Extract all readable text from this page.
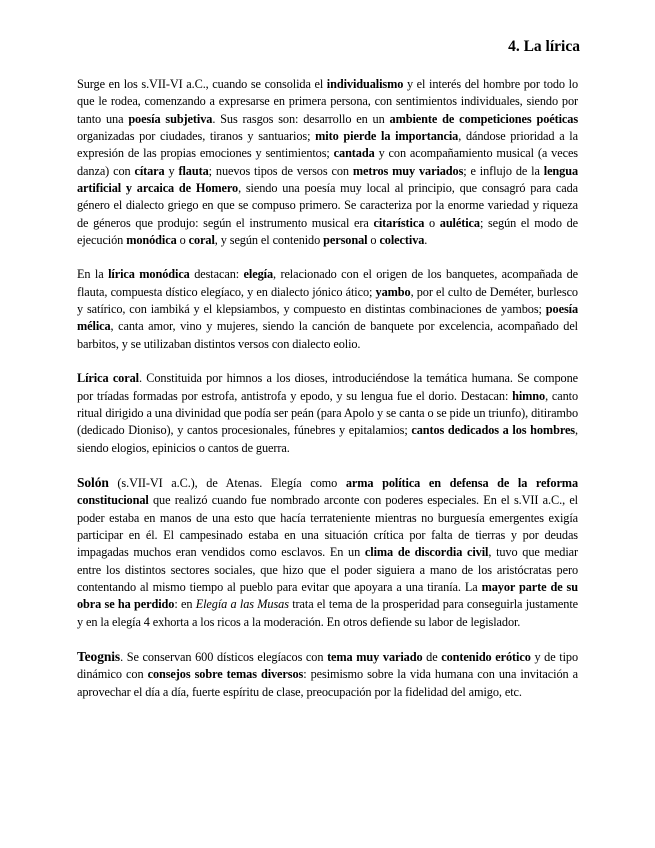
4. La lírica

Surge en los s.VII-VI a.C., cuando se consolida el individualismo y el interés del hombre por todo lo que le rodea, comenzando a expresarse en primera persona, con sentimientos individuales, siendo por tanto una poesía subjetiva. Sus rasgos son: desarrollo en un ambiente de competiciones poéticas organizadas por ciudades, tiranos y santuarios; mito pierde la importancia, dándose prioridad a la expresión de las propias emociones y sentimientos; cantada y con acompañamiento musical (a veces danza) con cítara y flauta; nuevos tipos de versos con metros muy variados; e influjo de la lengua artificial y arcaica de Homero, siendo una poesía muy local al principio, que consagró para cada género el dialecto griego en que se compuso primero. Se caracteriza por la enorme variedad y riqueza de géneros que produjo: según el instrumento musical era citarística o aulética; según el modo de ejecución monódica o coral, y según el contenido personal o colectiva.

En la lírica monódica destacan: elegía, relacionado con el origen de los banquetes, acompañada de flauta, compuesta dístico elegíaco, y en dialecto jónico ático; yambo, por el culto de Deméter, burlesco y satírico, con iambiká y el klepsiambos, y compuesto en distintas combinaciones de yambos; poesía mélica, canta amor, vino y mujeres, siendo la canción de banquete por excelencia, acompañado del barbitos, y se utilizaban distintos versos con dialecto eolio.

Lírica coral. Constituida por himnos a los dioses, introduciéndose la temática humana. Se compone por tríadas formadas por estrofa, antistrofa y epodo, y su lengua fue el dorio. Destacan: himno, canto ritual dirigido a una divinidad que podía ser peán (para Apolo y se canta o se pide un triunfo), ditirambo (dedicado Dioniso), y cantos procesionales, fúnebres y epitalamios; cantos dedicados a los hombres, siendo elogios, epinicios o cantos de guerra.

Solón (s.VII-VI a.C.), de Atenas. Elegía como arma política en defensa de la reforma constitucional que realizó cuando fue nombrado arconte con poderes especiales. En el s.VII a.C., el poder estaba en manos de una esto que hacía terrateniente mientras no burguesía emergentes exigía participar en él. El campesinado estaba en una situación crítica por falta de tierras y por deudas impagadas muchos eran vendidos como esclavos. En un clima de discordia civil, tuvo que mediar entre los distintos sectores sociales, que hizo que el poder siguiera a mano de los aristócratas pero contentando al mismo tiempo al pueblo para evitar que apoyara a una tiranía. La mayor parte de su obra se ha perdido: en Elegía a las Musas trata el tema de la prosperidad para conseguirla justamente y en la elegía 4 exhorta a los ricos a la moderación. En otros defiende su labor de legislador.

Teognis. Se conservan 600 dísticos elegíacos con tema muy variado de contenido erótico y de tipo dinámico con consejos sobre temas diversos: pesimismo sobre la vida humana con una invitación a aprovechar el día a día, fuerte espíritu de clase, preocupación por la fidelidad del amigo, etc.
